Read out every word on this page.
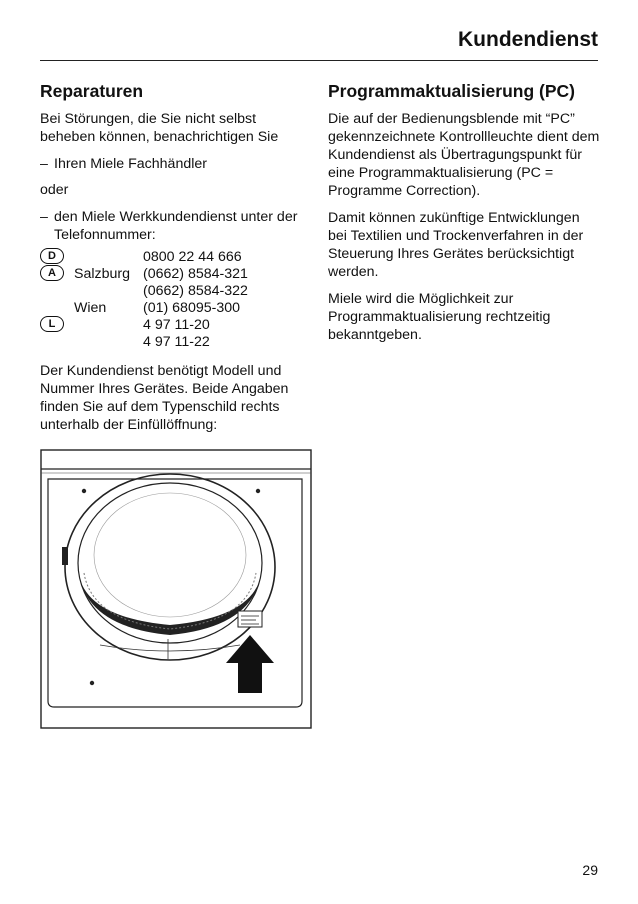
Kundendienst
Reparaturen

Bei Störungen, die Sie nicht selbst beheben können, benachrichtigen Sie

– Ihren Miele Fachhändler

oder

– den Miele Werkkundendienst unter der Telefonnummer:
D	0800 22 44 666
A	Salzburg (0662) 8584-321
(0662) 8584-322
Wien	(01) 68095-300
L	4 97 11-20
4 97 11-22

Der Kundendienst benötigt Modell und Nummer Ihres Gerätes. Beide Angaben finden Sie auf dem Typenschild rechts unterhalb der Einfüllöffnung:

Programmaktualisierung (PC)

Die auf der Bedienungsblende mit “PC” gekennzeichnete Kontrollleuchte dient dem Kundendienst als Übertragungspunkt für eine Programmaktualisierung (PC = Programme Correction).

Damit können zukünftige Entwicklungen bei Textilien und Trockenverfahren in der Steuerung Ihres Gerätes berücksichtigt werden.

Miele wird die Möglichkeit zur Programmaktualisierung rechtzeitig bekanntgeben.

29
